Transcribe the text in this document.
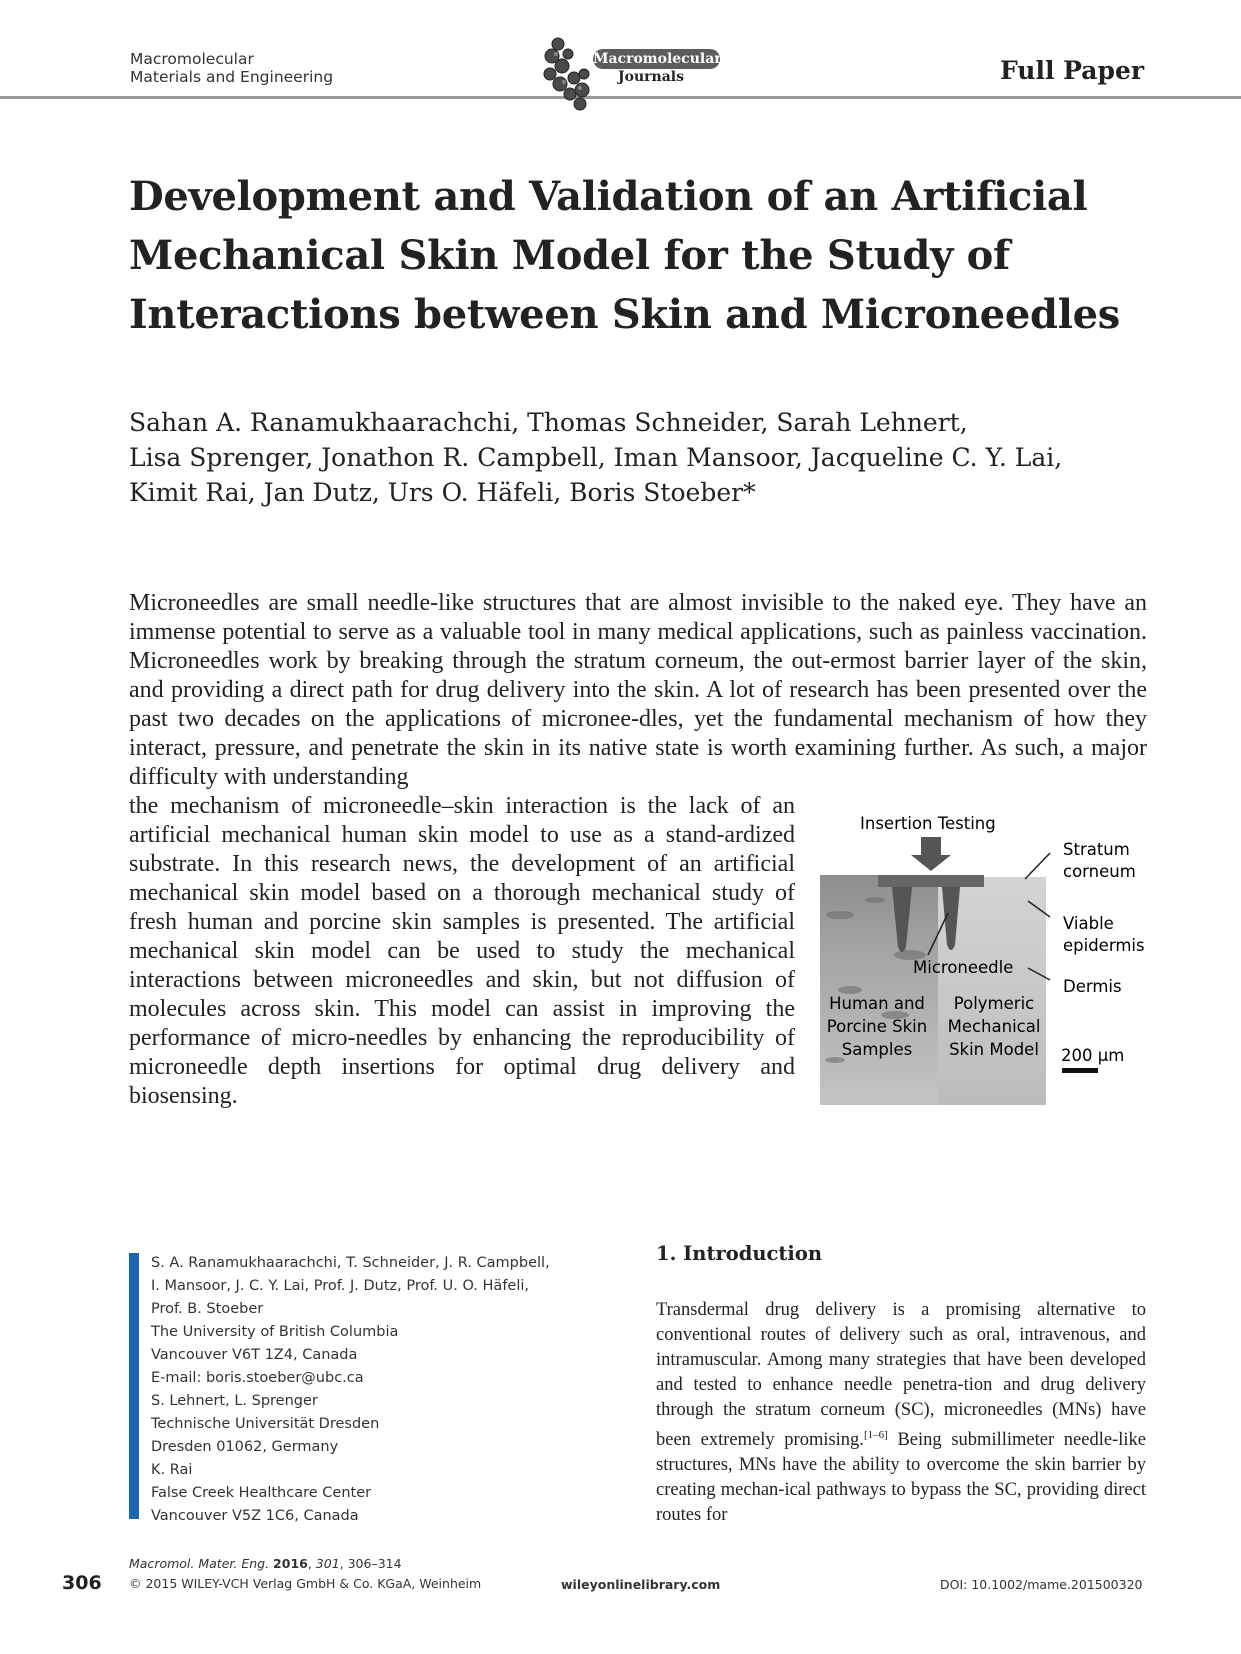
Macromolecular
Materials and Engineering
Macromolecular
Journals	Full Paper
Development and Validation of an Artificial
Mechanical Skin Model for the Study of
Interactions between Skin and Microneedles
Sahan A. Ranamukhaarachchi, Thomas Schneider, Sarah Lehnert,
Lisa Sprenger, Jonathon R. Campbell, Iman Mansoor, Jacqueline C. Y. Lai,
Kimit Rai, Jan Dutz, Urs O. Häfeli, Boris Stoeber*
Microneedles are small needle-like structures that are almost invisible to the naked eye. They have an immense potential to serve as a valuable tool in many medical applications, such as painless vaccination. Microneedles work by breaking through the stratum corneum, the out-ermost barrier layer of the skin, and providing a direct path for drug delivery into the skin. A lot of research has been presented over the past two decades on the applications of micronee-dles, yet the fundamental mechanism of how they interact, pressure, and penetrate the skin in its native state is worth examining further. As such, a major difficulty with understanding
the mechanism of microneedle–skin interaction is the lack of an artificial mechanical human skin model to use as a stand-ardized substrate. In this research news, the development of an artificial mechanical skin model based on a thorough mechanical study of fresh human and porcine skin samples is presented. The artificial mechanical skin model can be used to study the mechanical interactions between microneedles and skin, but not diffusion of molecules across skin. This model can assist in improving the performance of micro-needles by enhancing the reproducibility of microneedle depth insertions for optimal drug delivery and biosensing.
Insertion Testing
Stratum
corneum
Viable
epidermis
Dermis
Microneedle
Human and
Porcine Skin
Samples
Polymeric
Mechanical
Skin Model 200 µm
S. A. Ranamukhaarachchi, T. Schneider, J. R. Campbell,
I. Mansoor, J. C. Y. Lai, Prof. J. Dutz, Prof. U. O. Häfeli,
Prof. B. Stoeber
The University of British Columbia
Vancouver V6T 1Z4, Canada
E-mail: boris.stoeber@ubc.ca
S. Lehnert, L. Sprenger
Technische Universität Dresden
Dresden 01062, Germany
K. Rai
False Creek Healthcare Center
Vancouver V5Z 1C6, Canada
1. Introduction
Transdermal drug delivery is a promising alternative to conventional routes of delivery such as oral, intravenous, and intramuscular. Among many strategies that have been developed and tested to enhance needle penetra-tion and drug delivery through the stratum corneum (SC), microneedles (MNs) have been extremely promising.[1–6] Being submillimeter needle-like structures, MNs have the ability to overcome the skin barrier by creating mechan-ical pathways to bypass the SC, providing direct routes for
306
Macromol. Mater. Eng. 2016, 301, 306–314
© 2015 WILEY-VCH Verlag GmbH & Co. KGaA, Weinheim	wileyonlinelibrary.com	DOI: 10.1002/mame.201500320
